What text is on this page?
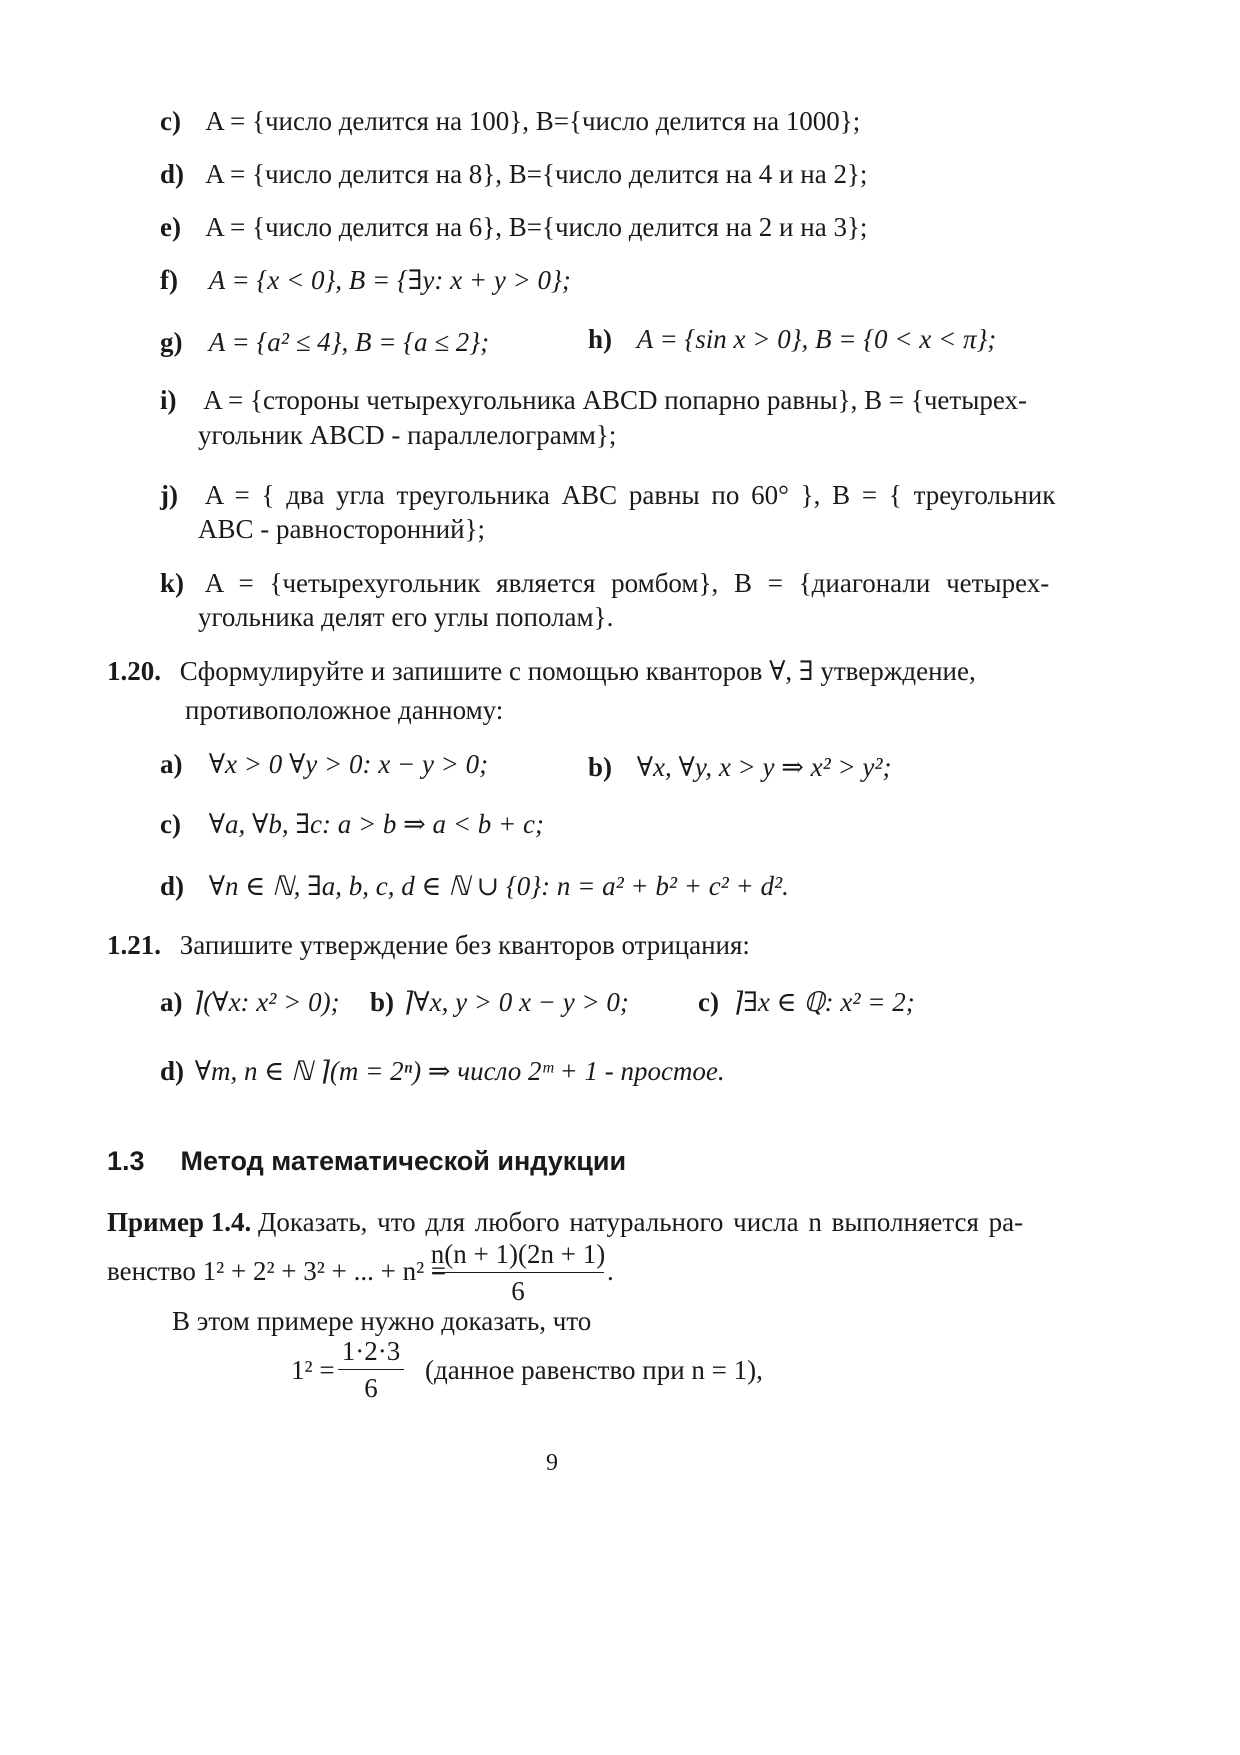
c) A = {число делится на 100}, B={число делится на 1000};
d) A = {число делится на 8}, B={число делится на 4 и на 2};
e) A = {число делится на 6}, B={число делится на 2 и на 3};
f) A = {x < 0}, B = {∃y: x + y > 0};
g) A = {a² ≤ 4}, B = {a ≤ 2};	h) A = {sin x > 0}, B = {0 < x < π};
i) A = {стороны четырехугольника ABCD попарно равны}, B = {четырех-
угольник ABCD - параллелограмм};
j) A = { два угла треугольника ABC равны по 60° }, B = { треугольник
ABC - равносторонний};
k) A = {четырехугольник является ромбом}, B = {диагонали четырех-
угольника делят его углы пополам}.
1.20. Сформулируйте и запишите с помощью кванторов ∀, ∃ утверждение,
противоположное данному:
a) ∀x > 0 ∀y > 0: x − y > 0;	b) ∀x, ∀y, x > y ⇒ x² > y²;
c) ∀a, ∀b, ∃c: a > b ⇒ a < b + c;
d) ∀n ∈ ℕ, ∃a, b, c, d ∈ ℕ ∪ {0}: n = a² + b² + c² + d².
1.21. Запишите утверждение без кванторов отрицания:
a) ⌉(∀x: x² > 0); b) ⌉∀x, y > 0 x − y > 0;	c) ⌉∃x ∈ ℚ: x² = 2;
d) ∀m, n ∈ ℕ ⌉(m = 2ⁿ) ⇒ число 2ᵐ + 1 - простое.
1.3 Метод математической индукции
Пример 1.4. Доказать, что для любого натурального числа n выполняется ра-
венство 1² + 2² + 3² + ... + n² =
n(n + 1)(2n + 1)
6
.
В этом примере нужно доказать, что
1² =
1·2·3
6
(данное равенство при n = 1),
9
